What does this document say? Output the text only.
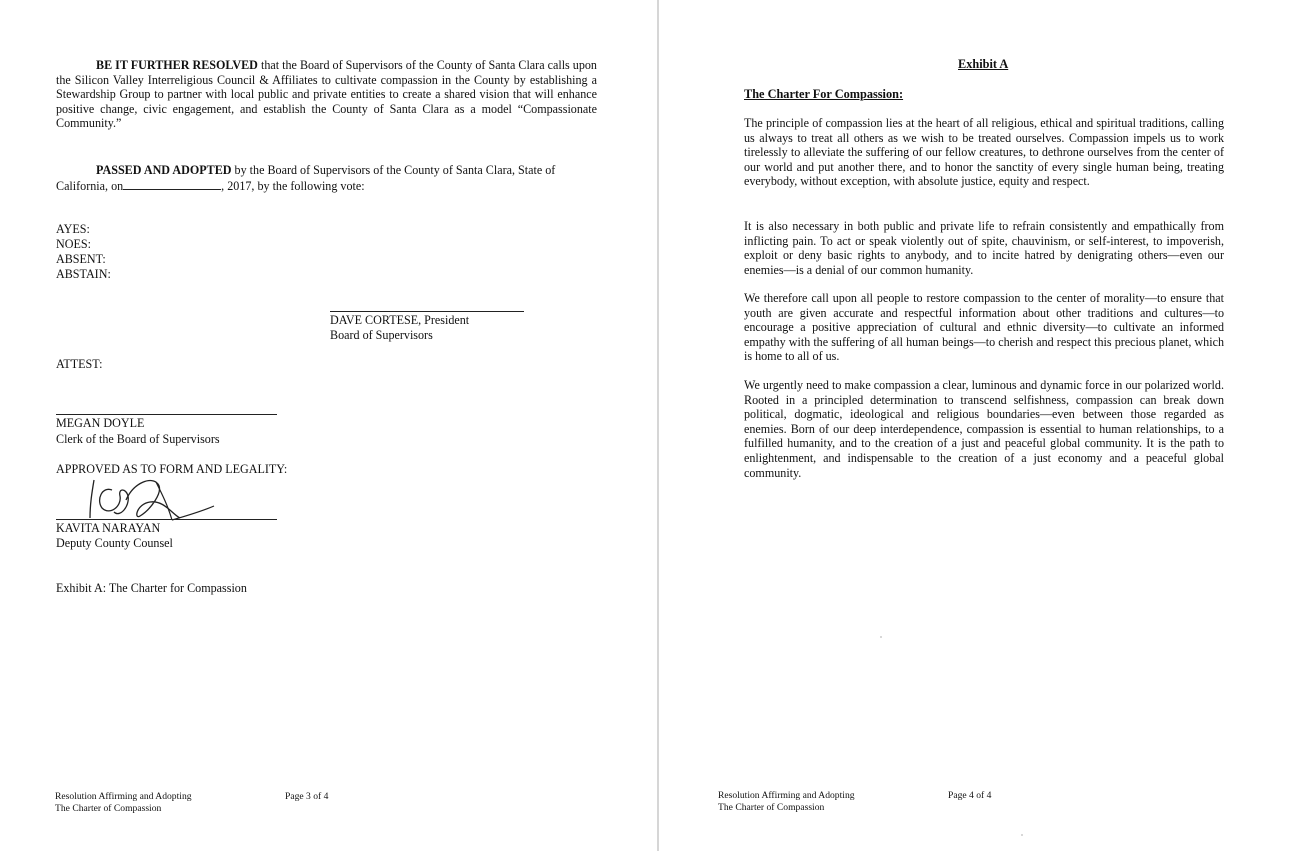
BE IT FURTHER RESOLVED that the Board of Supervisors of the County of Santa Clara calls upon the Silicon Valley Interreligious Council & Affiliates to cultivate compassion in the County by establishing a Stewardship Group to partner with local public and private entities to create a shared vision that will enhance positive change, civic engagement, and establish the County of Santa Clara as a model “Compassionate Community.”

PASSED AND ADOPTED by the Board of Supervisors of the County of Santa Clara, State of
California, on	, 2017, by the following vote:

AYES:
NOES:
ABSENT:
ABSTAIN:
DAVE CORTESE, President
Board of Supervisors
ATTEST:
MEGAN DOYLE
Clerk of the Board of Supervisors
APPROVED AS TO FORM AND LEGALITY:
KAVITA NARAYAN
Deputy County Counsel
Exhibit A: The Charter for Compassion
Resolution Affirming and Adopting
The Charter of Compassion
Page 3 of 4
Exhibit A
The Charter For Compassion:

The principle of compassion lies at the heart of all religious, ethical and spiritual traditions, calling us always to treat all others as we wish to be treated ourselves. Compassion impels us to work tirelessly to alleviate the suffering of our fellow creatures, to dethrone ourselves from the center of our world and put another there, and to honor the sanctity of every single human being, treating everybody, without exception, with absolute justice, equity and respect.

It is also necessary in both public and private life to refrain consistently and empathically from inflicting pain. To act or speak violently out of spite, chauvinism, or self-interest, to impoverish, exploit or deny basic rights to anybody, and to incite hatred by denigrating others—even our enemies—is a denial of our common humanity.

We therefore call upon all people to restore compassion to the center of morality—to ensure that youth are given accurate and respectful information about other traditions and cultures—to encourage a positive appreciation of cultural and ethnic diversity—to cultivate an informed empathy with the suffering of all human beings—to cherish and respect this precious planet, which is home to all of us.

We urgently need to make compassion a clear, luminous and dynamic force in our polarized world. Rooted in a principled determination to transcend selfishness, compassion can break down political, dogmatic, ideological and religious boundaries—even between those regarded as enemies. Born of our deep interdependence, compassion is essential to human relationships, to a fulfilled humanity, and to the creation of a just and peaceful global community. It is the path to enlightenment, and indispensable to the creation of a just economy and a peaceful global community.

Resolution Affirming and Adopting
The Charter of Compassion
Page 4 of 4
